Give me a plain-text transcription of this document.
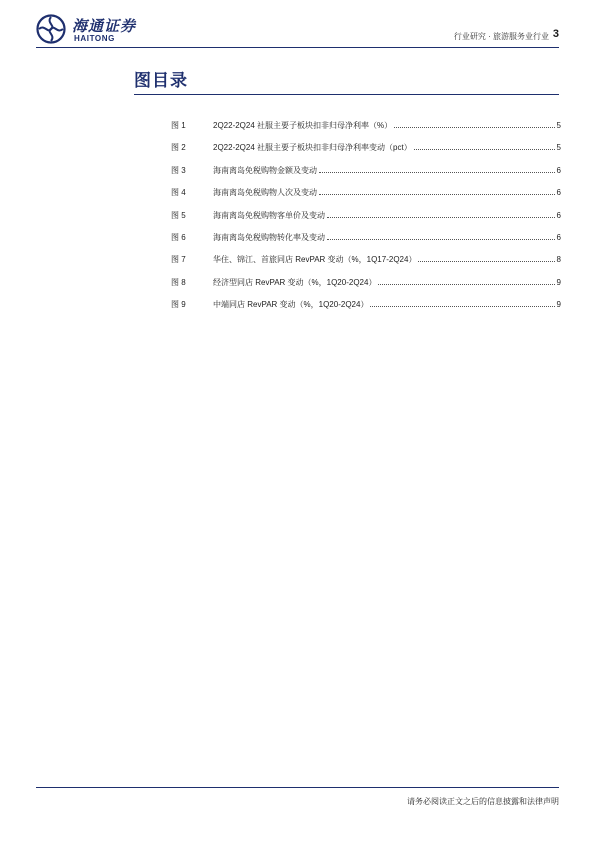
海通证券
HAITONG	行业研究 · 旅游服务业行业 3
图目录
图 1	2Q22-2Q24 社服主要子板块扣非归母净利率（%）	5
图 2	2Q22-2Q24 社服主要子板块扣非归母净利率变动（pct）	5
图 3	海南离岛免税购物金额及变动	6
图 4	海南离岛免税购物人次及变动	6
图 5	海南离岛免税购物客单价及变动	6
图 6	海南离岛免税购物转化率及变动	6
图 7	华住、锦江、首旅同店 RevPAR 变动（%，1Q17-2Q24）	8
图 8	经济型同店 RevPAR 变动（%，1Q20-2Q24）	9
图 9	中端同店 RevPAR 变动（%，1Q20-2Q24）	9
请务必阅读正文之后的信息披露和法律声明
